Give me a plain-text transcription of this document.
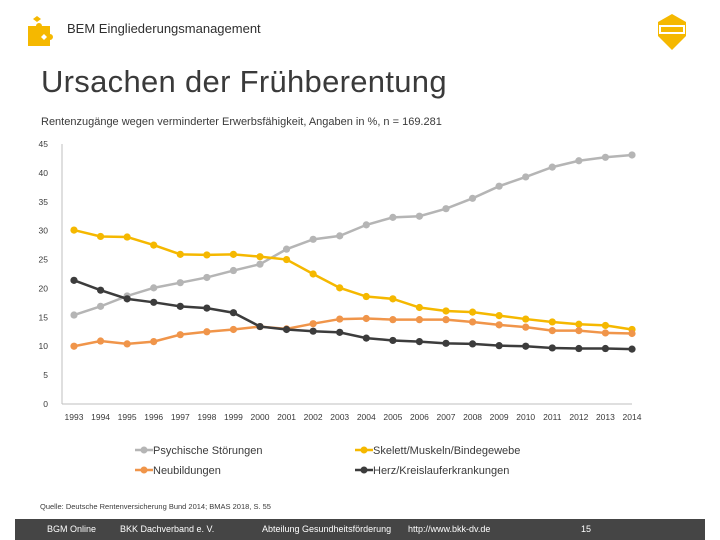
BEM Eingliederungsmanagement
Ursachen der Frühberentung
Rentenzugänge wegen verminderter Erwerbsfähigkeit, Angaben in %, n = 169.281
0
5
10
15
20
25
30
35
40
45
1993 1994 1995 1996 1997 1998 1999 2000 2001 2002 2003 2004 2005 2006 2007 2008 2009 2010 2011 2012 2013 2014
Psychische Störungen	Skelett/Muskeln/Bindegewebe
Neubildungen	Herz/Kreislauferkrankungen
Quelle: Deutsche Rentenversicherung Bund 2014; BMAS 2018, S. 55
BGM Online	BKK Dachverband e. V.	Abteilung Gesundheitsförderung http://www.bkk-dv.de	15
